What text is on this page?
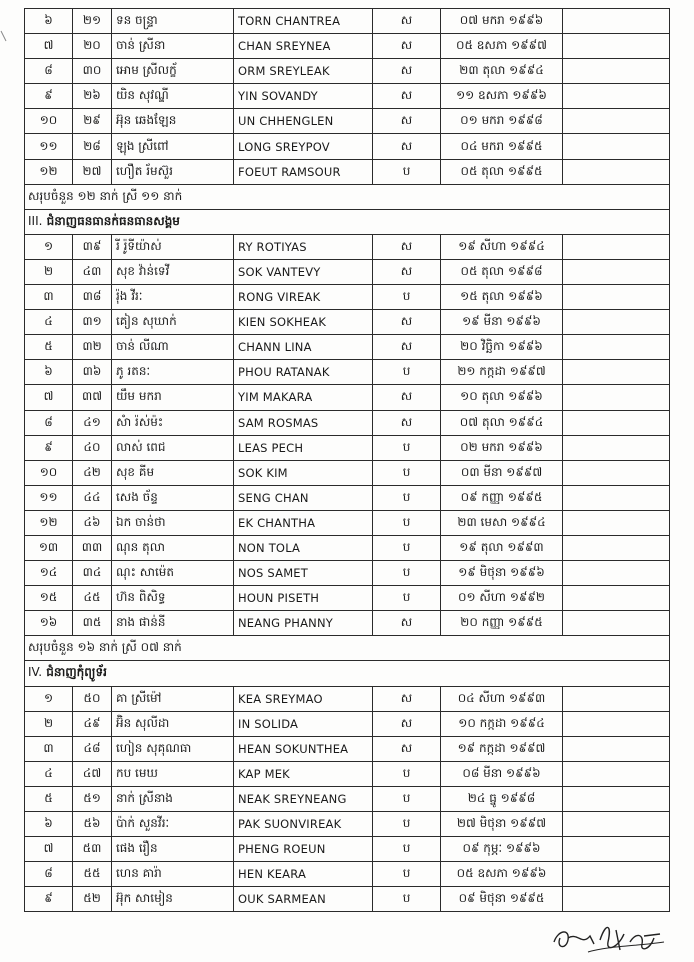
៦	២១	ទន ចន្ទ្រា	TORN CHANTREA	ស	០៧ មករា ១៩៩៦	
៧	២០	ចាន់ ស្រីនា	CHAN SREYNEA	ស	០៥ ឧសភា ១៩៩៧	
៨	៣០	អោម ស្រីលក្ខ័	ORM SREYLEAK	ស	២៣ តុលា ១៩៩៤	
៩	២៦	យិន សុវណ្ឌី	YIN SOVANDY	ស	១១ ឧសភា ១៩៩៦	
១០	២៩	អ៊ុន ឆេងឡែន	UN CHHENGLEN	ស	០១ មករា ១៩៩៨	
១១	២៨	ឡុង ស្រីពៅ	LONG SREYPOV	ស	០៤ មករា ១៩៩៥	
១២	២៧	ហឿត រ័មស៊ួរ	FOEUT RAMSOUR	ប	០៥ តុលា ១៩៩៥	
សរុបចំនួន ១២ នាក់ ស្រី ១១ នាក់						
III. ជំនាញធនធានក់ធនធានសង្គម						
១	៣៩	រី រ៉ូទីយ៉ាស់	RY ROTIYAS	ស	១៩ សីហា ១៩៩៤	
២	៤៣	សុខ វ៉ាន់ទេវី	SOK VANTEVY	ស	០៥ តុលា ១៩៩៨	
៣	៣៨	រ៉ុង វីរៈ	RONG VIREAK	ប	១៥ តុលា ១៩៩៦	
៤	៣១	គៀន សុឃាក់	KIEN SOKHEAK	ស	១៩ មីនា ១៩៩៦	
៥	៣២	ចាន់ លីណា	CHANN LINA	ស	២០ វិច្ឆិកា ១៩៩៦	
៦	៣៦	ភូ រតនៈ	PHOU RATANAK	ប	២១ កក្កដា ១៩៩៧	
៧	៣៧	យឹម មករា	YIM MAKARA	ស	១០ តុលា ១៩៩៦	
៨	៤១	សំា រ៉ស់ម៉ះ	SAM ROSMAS	ស	០៧ តុលា ១៩៩៤	
៩	៤០	លាស់ ពេជ	LEAS PECH	ប	០២ មករា ១៩៩៦	
១០	៤២	សុខ គីម	SOK KIM	ប	០៣ មីនា ១៩៩៧	
១១	៤៤	សេង ច័ន្ទ	SENG CHAN	ប	០៩ កញ្ញា ១៩៩៥	
១២	៤៦	ឯក ចាន់ថា	EK CHANTHA	ប	២៣ មេសា ១៩៩៤	
១៣	៣៣	ណុន តុលា	NON TOLA	ប	១៩ តុលា ១៩៩៣	
១៤	៣៤	ណុះ សាម៉េត	NOS SAMET	ប	១៩ មិថុនា ១៩៩៦	
១៥	៤៥	ហ៊ន ពិសិទ្ធ	HOUN PISETH	ប	០១ សីហា ១៩៩២	
១៦	៣៥	នាង ផាន់នី	NEANG PHANNY	ស	២០ កញ្ញា ១៩៩៥	
សរុបចំនួន ១៦ នាក់ ស្រី ០៧ នាក់						
IV. ជំនាញកុំព្យូទ័រ						
១	៥០	គា ស្រីម៉ៅ	KEA SREYMAO	ស	០៤ សីហា ១៩៩៣	
២	៤៩	អ៊ិន សុលីដា	IN SOLIDA	ស	១០ កក្កដា ១៩៩៤	
៣	៤៨	ហៀន សុគុណធា	HEAN SOKUNTHEA	ស	១៩ កក្កដា ១៩៩៧	
៤	៤៧	កប មេឃ	KAP MEK	ប	០៨ មីនា ១៩៩៦	
៥	៥១	នាក់ ស្រីនាង	NEAK SREYNEANG	ប	២៤ ធ្នូ ១៩៩៨	
៦	៥៦	ប៉ាក់ សួនវីរៈ	PAK SUONVIREAK	ប	២៧ មិថុនា ១៩៩៧	
៧	៥៣	ផេង រឿន	PHENG ROEUN	ប	០៩ កុម្ភៈ ១៩៩៦	
៨	៥៥	ហេន គារ៉ា	HEN KEARA	ប	០៥ ឧសភា ១៩៩៦	
៩	៥២	អ៊ុក សាមៀន	OUK SARMEAN	ប	០៩ មិថុនា ១៩៩៥	
